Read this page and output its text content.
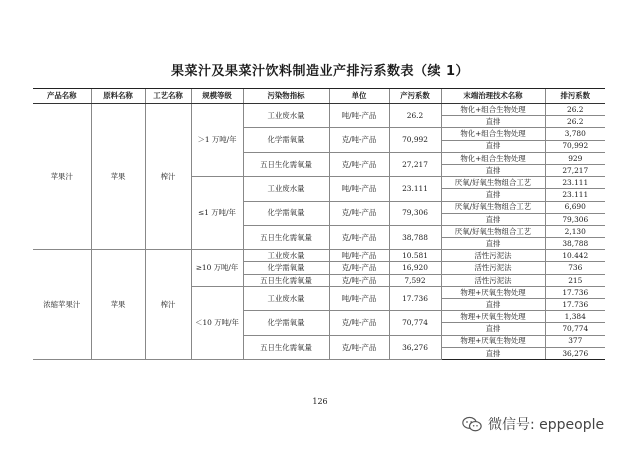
果菜汁及果菜汁饮料制造业产排污系数表（续 1）
产品名称	原料名称	工艺名称	规模等级	污染物指标	单位	产污系数	末端治理技术名称	排污系数
苹果汁	苹果	榨汁	＞1 万吨/年	工业废水量	吨/吨-产品	26.2	物化+组合生物处理	26.2
							直排	26.2
				化学需氧量	克/吨-产品	70,992	物化+组合生物处理	3,780
							直排	70,992
				五日生化需氧量	克/吨-产品	27,217	物化+组合生物处理	929
							直排	27,217
			≤1 万吨/年	工业废水量	吨/吨-产品	23.111	厌氧/好氧生物组合工艺	23.111
							直排	23.111
				化学需氧量	克/吨-产品	79,306	厌氧/好氧生物组合工艺	6,690
							直排	79,306
				五日生化需氧量	克/吨-产品	38,788	厌氧/好氧生物组合工艺	2,130
							直排	38,788
浓缩苹果汁	苹果	榨汁	≥10 万吨/年	工业废水量	吨/吨-产品	10.581	活性污泥法	10.442
				化学需氧量	克/吨-产品	16,920	活性污泥法	736
				五日生化需氧量	克/吨-产品	7,592	活性污泥法	215
			＜10 万吨/年	工业废水量	吨/吨-产品	17.736	物理+厌氧生物处理	17.736
							直排	17.736
				化学需氧量	克/吨-产品	70,774	物理+厌氧生物处理	1,384
							直排	70,774
				五日生化需氧量	克/吨-产品	36,276	物理+厌氧生物处理	377
							直排	36,276
126
微信号: eppeople
